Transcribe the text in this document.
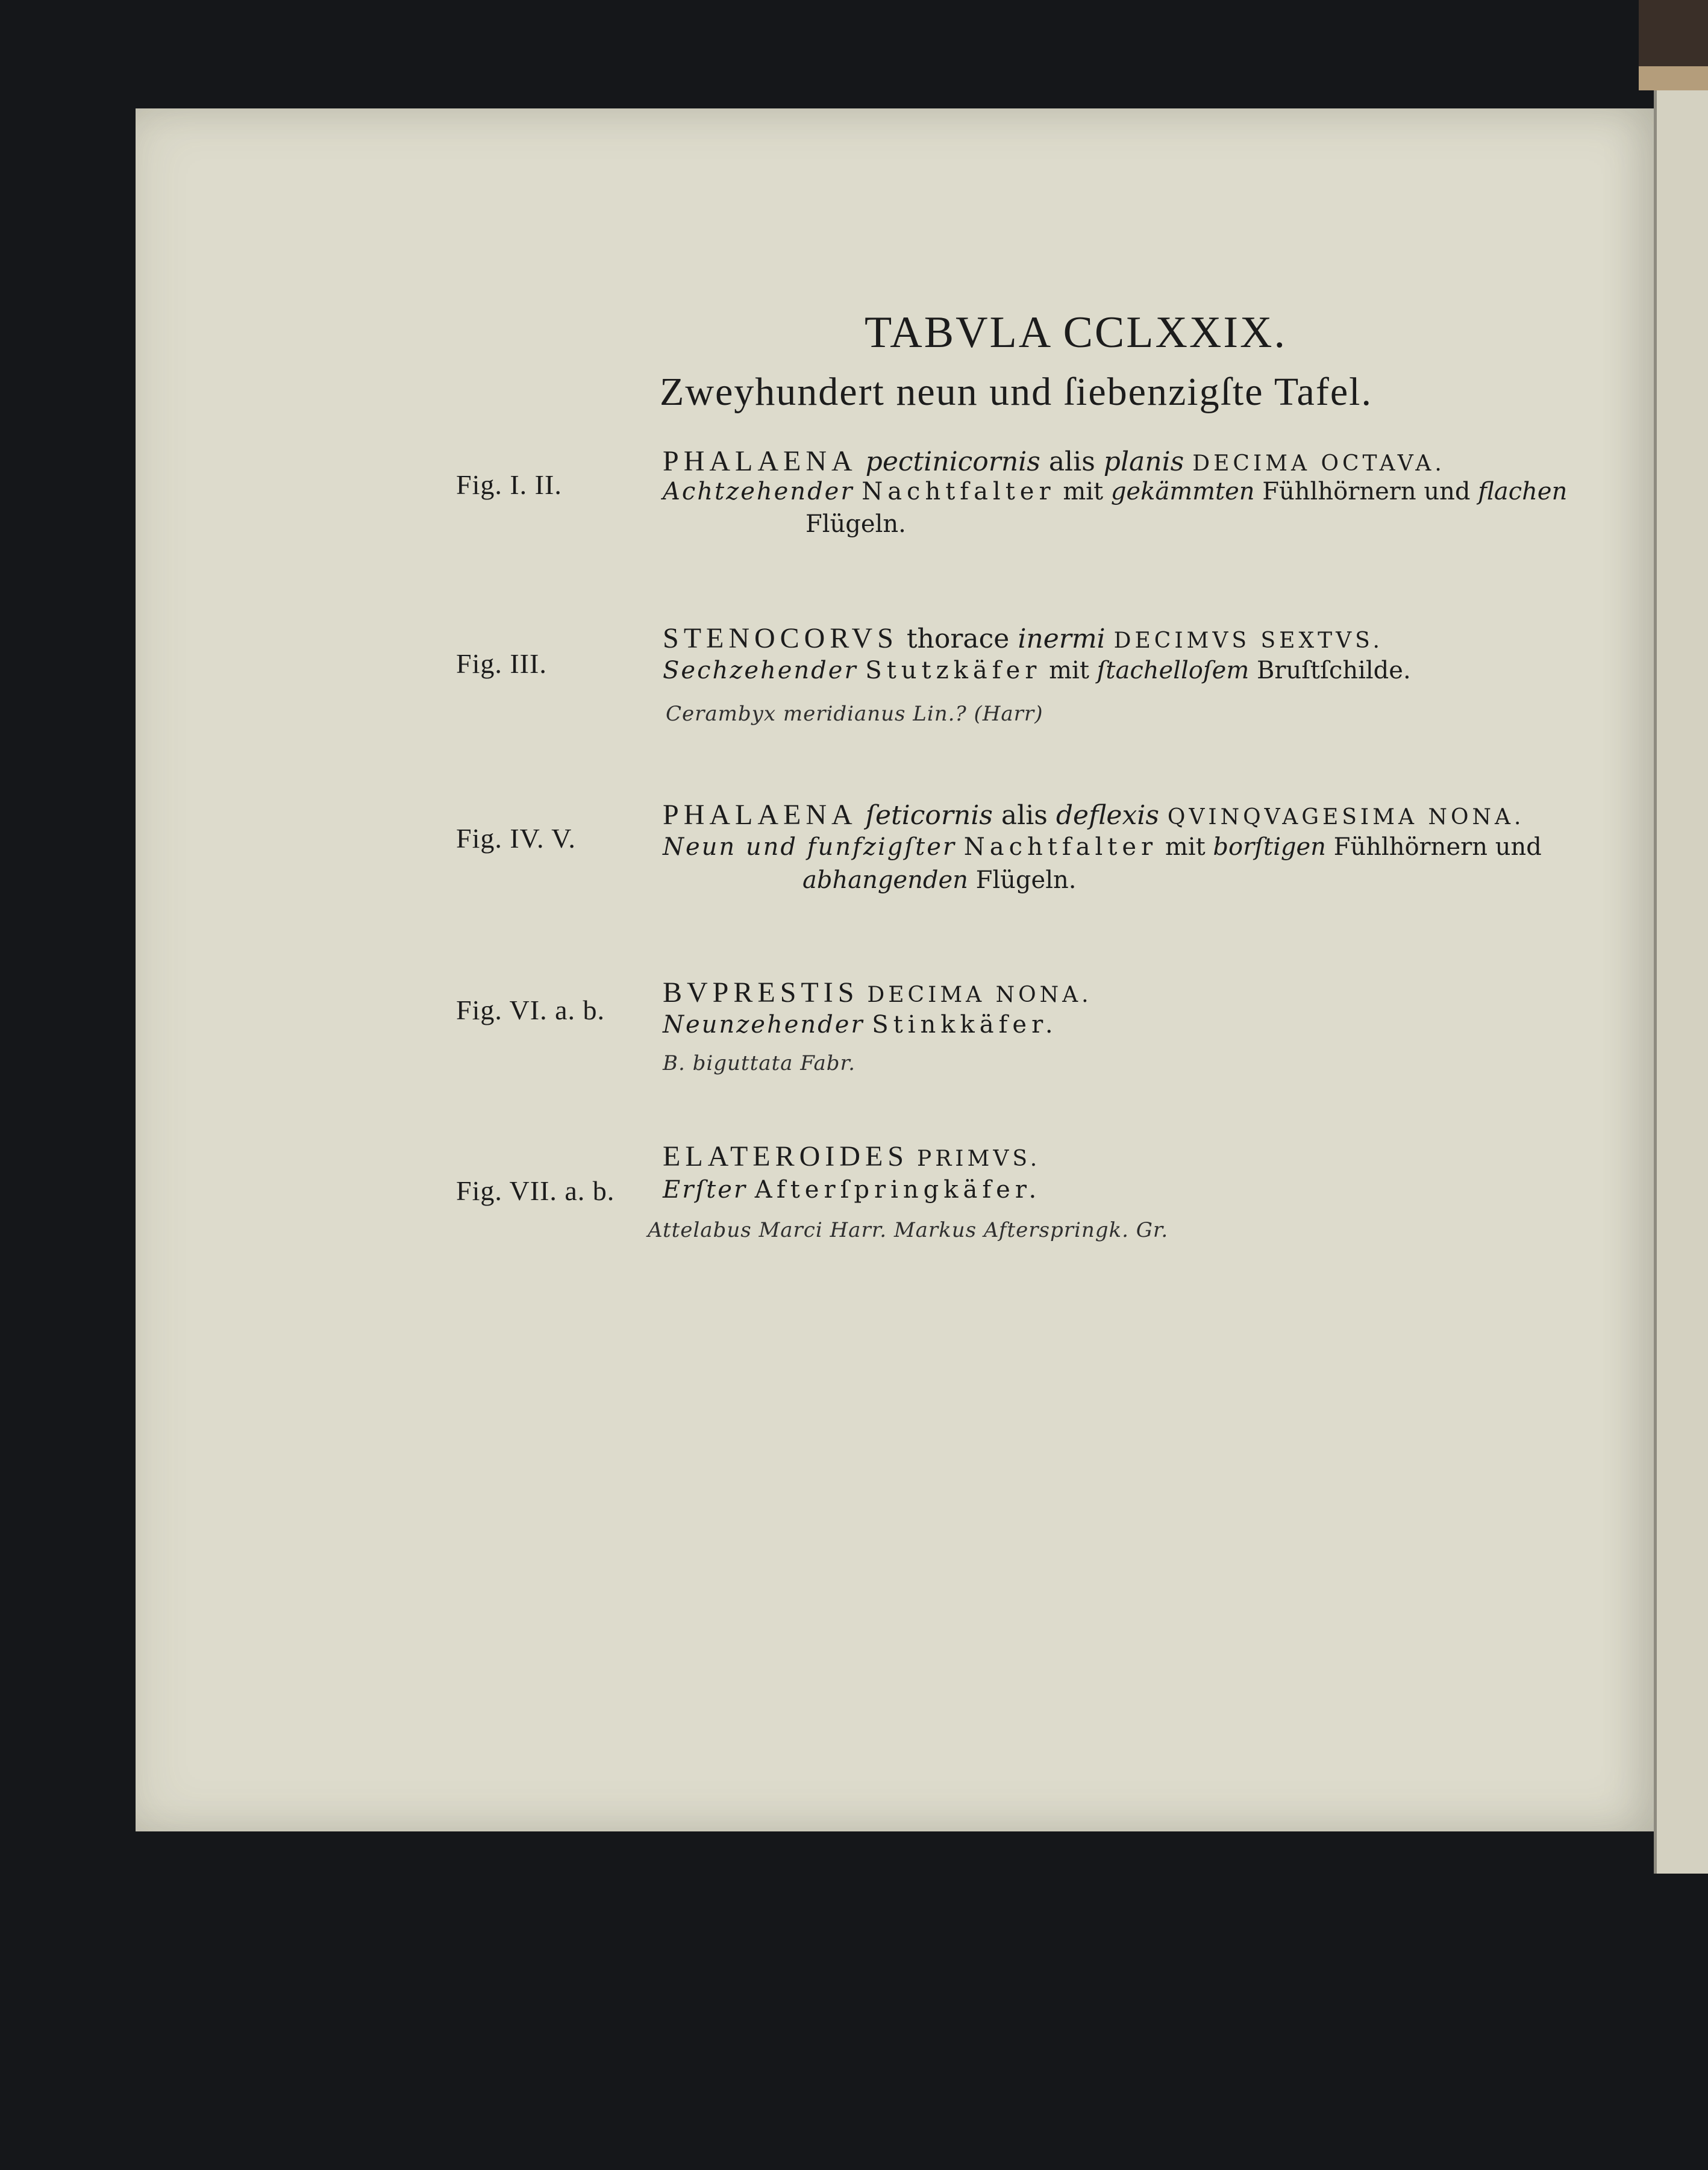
TABVLA CCLXXIX.
Zweyhundert neun und ſiebenzigſte Tafel.
Fig. I. II.
PHALAENA pectinicornis alis planis DECIMA OCTAVA.
Achtzehender Nachtfalter mit gekämmten Fühlhörnern und flachen
Flügeln.
Fig. III.
STENOCORVS thorace inermi DECIMVS SEXTVS.
Sechzehender Stutzkäfer mit ſtachelloſem Bruſtſchilde.
Cerambyx meridianus Lin.? (Harr)
Fig. IV. V.
PHALAENA ſeticornis alis deflexis QVINQVAGESIMA NONA.
Neun und funfzigſter Nachtfalter mit borſtigen Fühlhörnern und
abhangenden Flügeln.
Fig. VI. a. b.
BVPRESTIS DECIMA NONA.
Neunzehender Stinkkäfer.
B. biguttata Fabr.
Fig. VII. a. b.
ELATEROIDES PRIMVS.
Erſter Afterſpringkäfer.
Attelabus Marci Harr. Markus Afterspringk. Gr.
